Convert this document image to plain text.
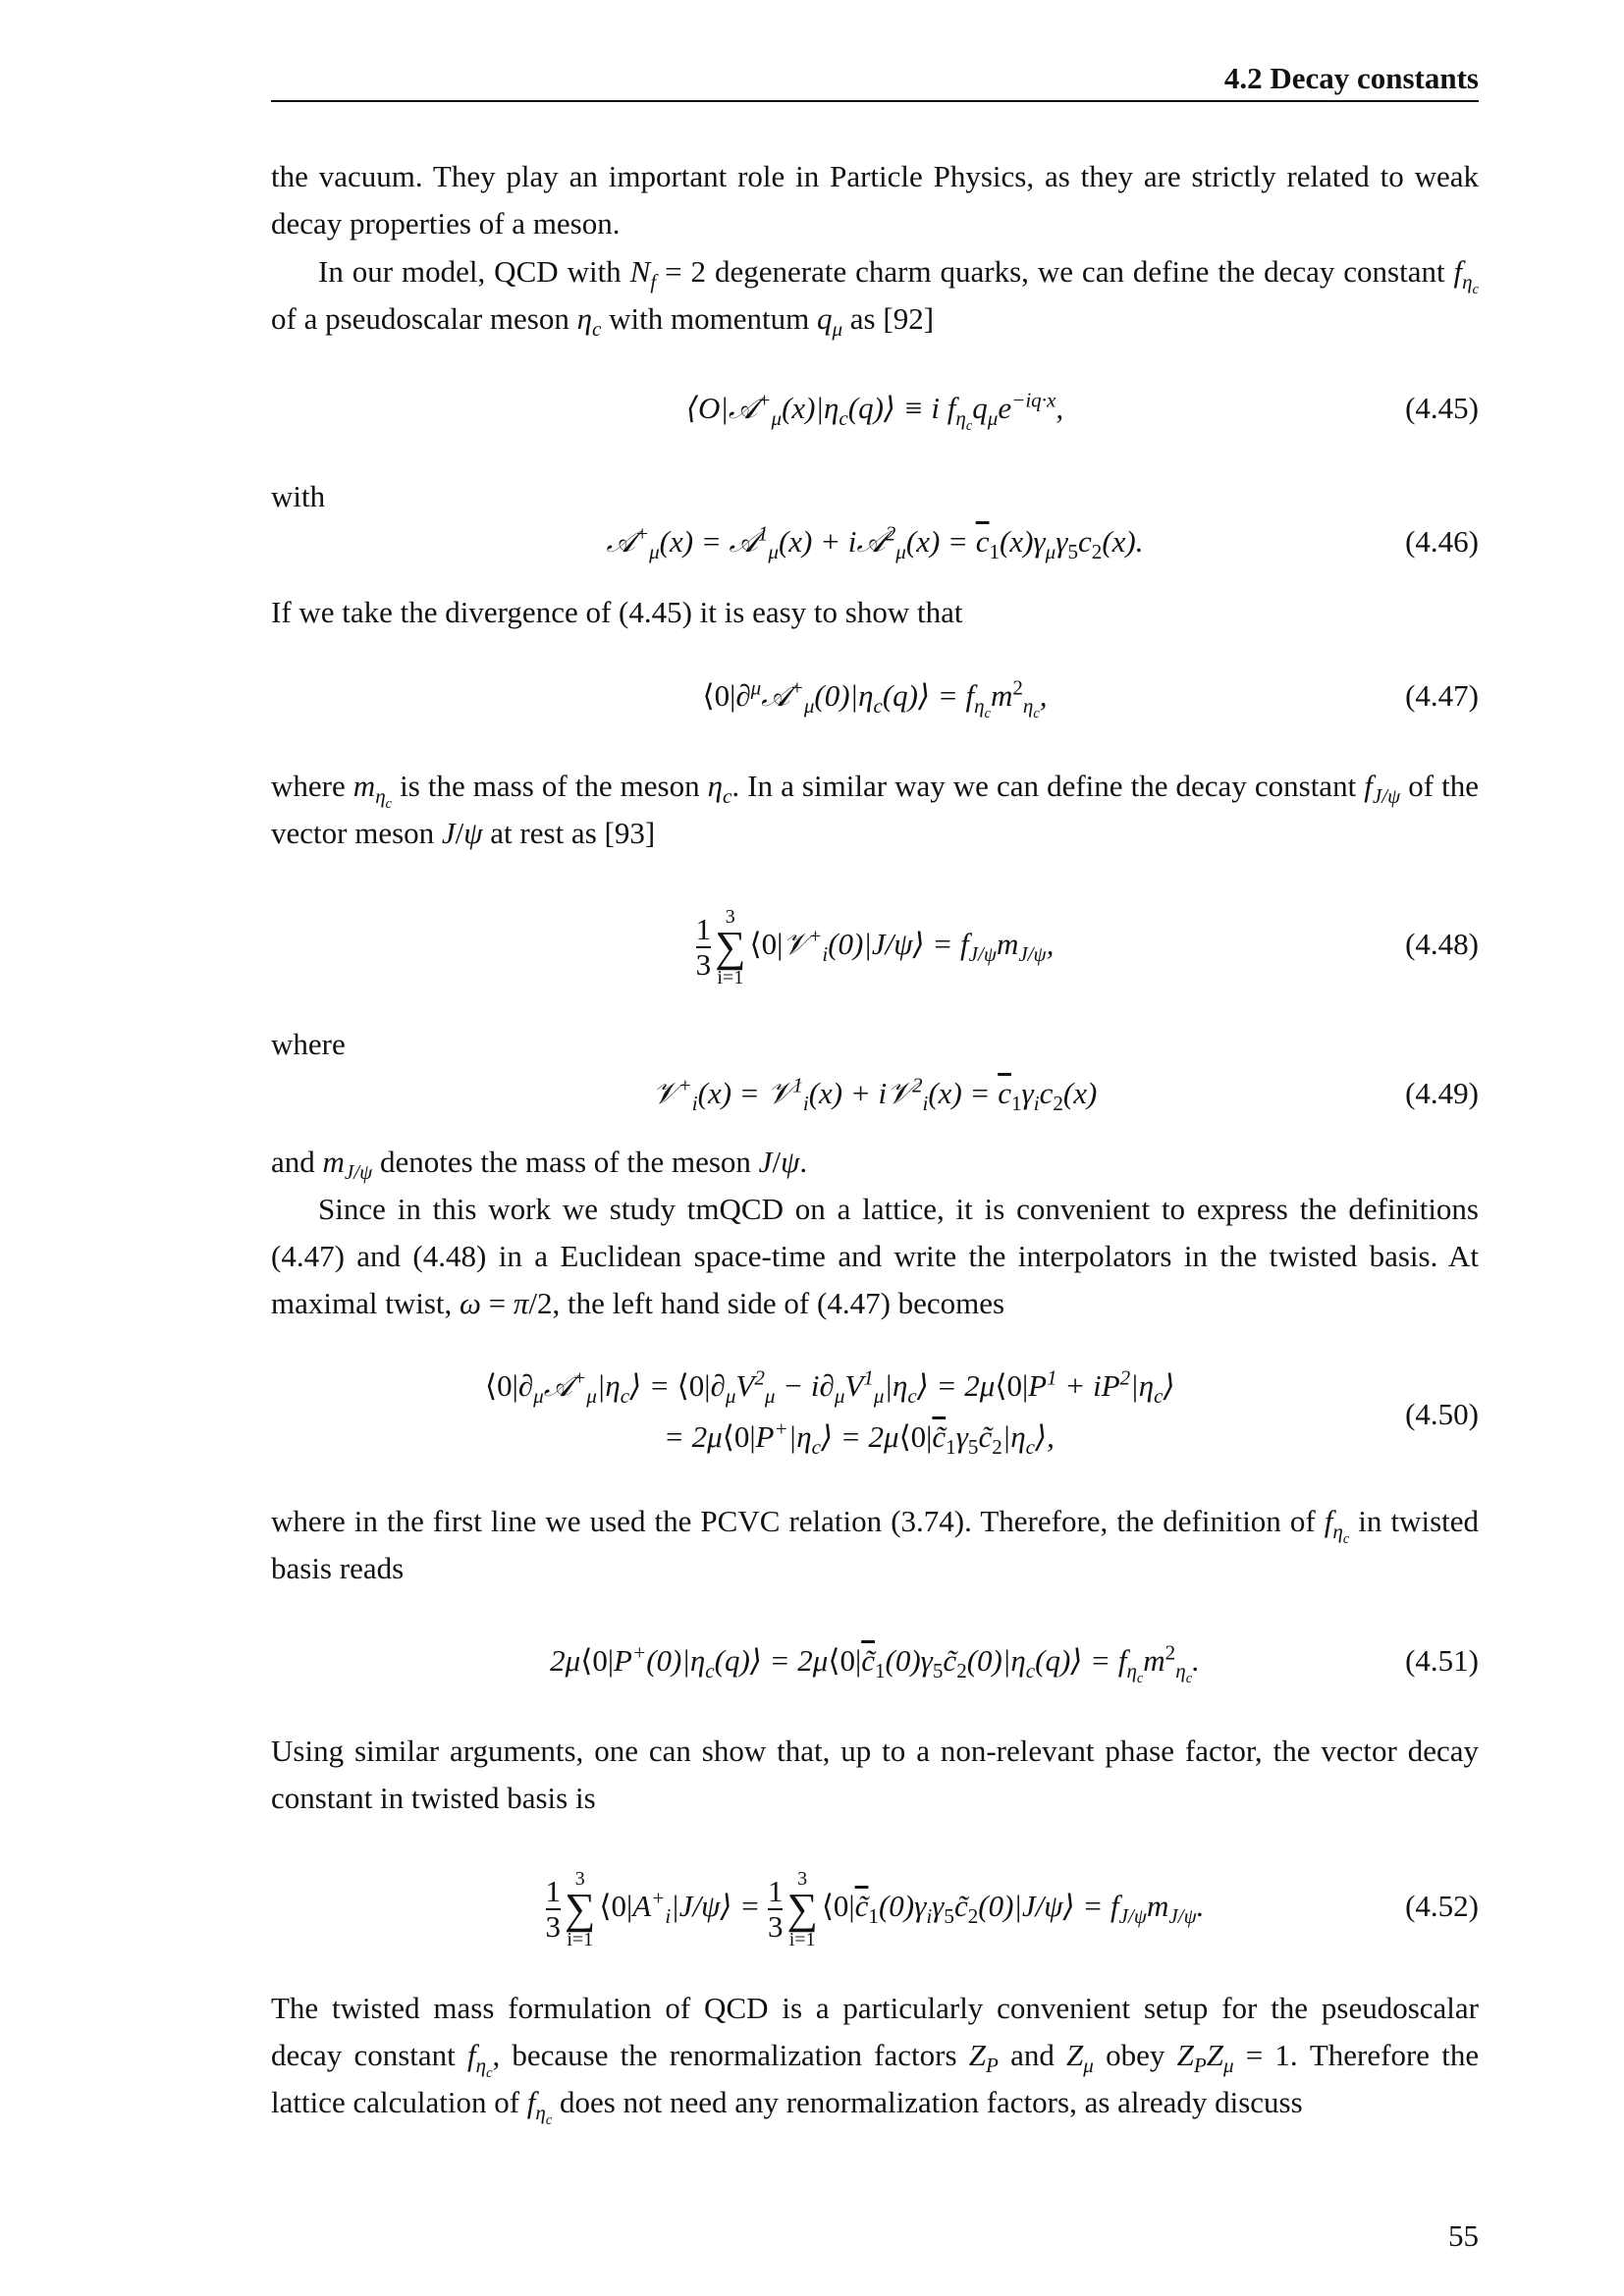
4.2 Decay constants

the vacuum. They play an important role in Particle Physics, as they are strictly related to weak decay properties of a meson.

In our model, QCD with $N_f = 2$ degenerate charm quarks, we can define the decay constant $f_{\eta_c}$ of a pseudoscalar meson $\eta_c$ with momentum $q_\mu$ as [92]

$⟨O|𝒜^+_\mu(x)|\eta_c(q)⟩ \equiv i$ $f_{\eta_c}q_\mu e^{-iq\cdot x}$,	(4.45)

with

𝒜+$_\mu$(x) = 𝒜$^1_\mu$(x) + i𝒜$^2_\mu$(x) = $\overline{c}_1(x)\gamma_\mu\gamma_5c_2(x)$.	(4.46)

If we take the divergence of (4.45) it is easy to show that

$⟨0|\partial^\mu 𝒜^+_\mu(0)|\eta_c(q)⟩ = f_{\eta_c}m^2_{\eta_c}$,	(4.47)

where $m_{\eta_c}$ is the mass of the meson $\eta_c$. In a similar way we can define the decay constant $f_{J/\psi}$ of the vector meson J/ψ at rest as [93]

$\frac{1}{3} 3$
∑
i=1
⟨0|𝒱+$_i$(0)|J/ψ⟩ = $f_{J/\psi}m_{J/\psi}$,	(4.48)

where

𝒱+$_i$(x) = 𝒱$^1_i$(x) + i𝒱$^2_i$(x) = $\overline{c}_1\gamma_ic_2(x)$	(4.49)

and $m_{J/\psi}$ denotes the mass of the meson J/ψ.

Since in this work we study tmQCD on a lattice, it is convenient to express the definitions (4.47) and (4.48) in a Euclidean space-time and write the interpolators in the twisted basis. At maximal twist, ω = π/2, the left hand side of (4.47) becomes

$⟨0|\partial_\mu 𝒜^+_\mu|\eta_c⟩$ = $⟨0|\partial_\mu V^2_\mu$ − $i\partial_\mu V^1_\mu|\eta_c⟩$ = $2\mu⟨0|P^1$ + $iP^2|\eta_c⟩$
= $2\mu⟨0|P^+|\eta_c⟩$ = $2\mu⟨0|c̃_1\gamma_5c̃_2|\eta_c⟩$,
(4.50)

where in the first line we used the PCVC relation (3.74). Therefore, the definition of $f_{\eta_c}$ in twisted basis reads

$2\mu⟨0|P^+(0)|\eta_c(q)⟩$ = $2\mu⟨0|c̃_1(0)\gamma_5c̃_2(0)|\eta_c(q)⟩ = f_{\eta_c}m^2_{\eta_c}$.	(4.51)

Using similar arguments, one can show that, up to a non-relevant phase factor, the vector decay constant in twisted basis is

$\frac{1}{3} 3$
∑
i=1
$⟨0|A^+_i|J/\psi⟩ = \frac{1}{3} 3$
∑
i=1
$⟨0|c̃_1(0)\gamma_i\gamma_5c̃_2(0)|J/\psi⟩ = f_{J/\psi}m_{J/\psi}$.	(4.52)

The twisted mass formulation of QCD is a particularly convenient setup for the pseudoscalar decay constant $f_{\eta_c}$, because the renormalization factors $Z_P$ and $Z_\mu$ obey $Z_PZ_\mu = 1$. Therefore the lattice calculation of $f_{\eta_c}$ does not need any renormalization factors, as already discuss

55
